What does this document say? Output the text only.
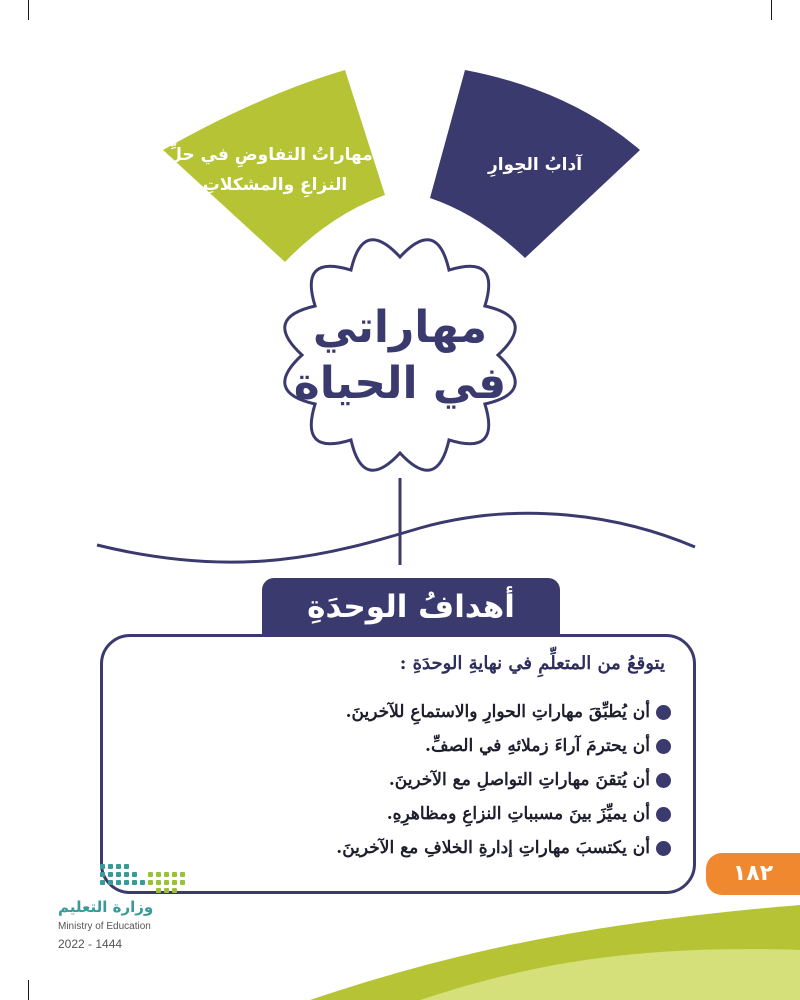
آدابُ الحِوارِ
مهاراتُ التفاوضِ في حلِّ
النزاعِ والمشكلاتِ
مهاراتي
في الحياة
يتوقعُ من المتعلِّمِ في نهايةِ الوحدَةِ :
أن يُطبِّقَ مهاراتِ الحوارِ والاستماعِ للآخرينَ.
أن يحترمَ آراءَ زملائهِ في الصفِّ.
أن يُتقنَ مهاراتِ التواصلِ مع الآخرينَ.
أن يميِّزَ بينَ مسبباتِ النزاعِ ومظاهرِهِ.
أن يكتسبَ مهاراتِ إدارةِ الخلافِ مع الآخرينَ.
أهدافُ الوحدَةِ
١٨٢
وزارة التعليم
Ministry of Education
2022 - 1444
